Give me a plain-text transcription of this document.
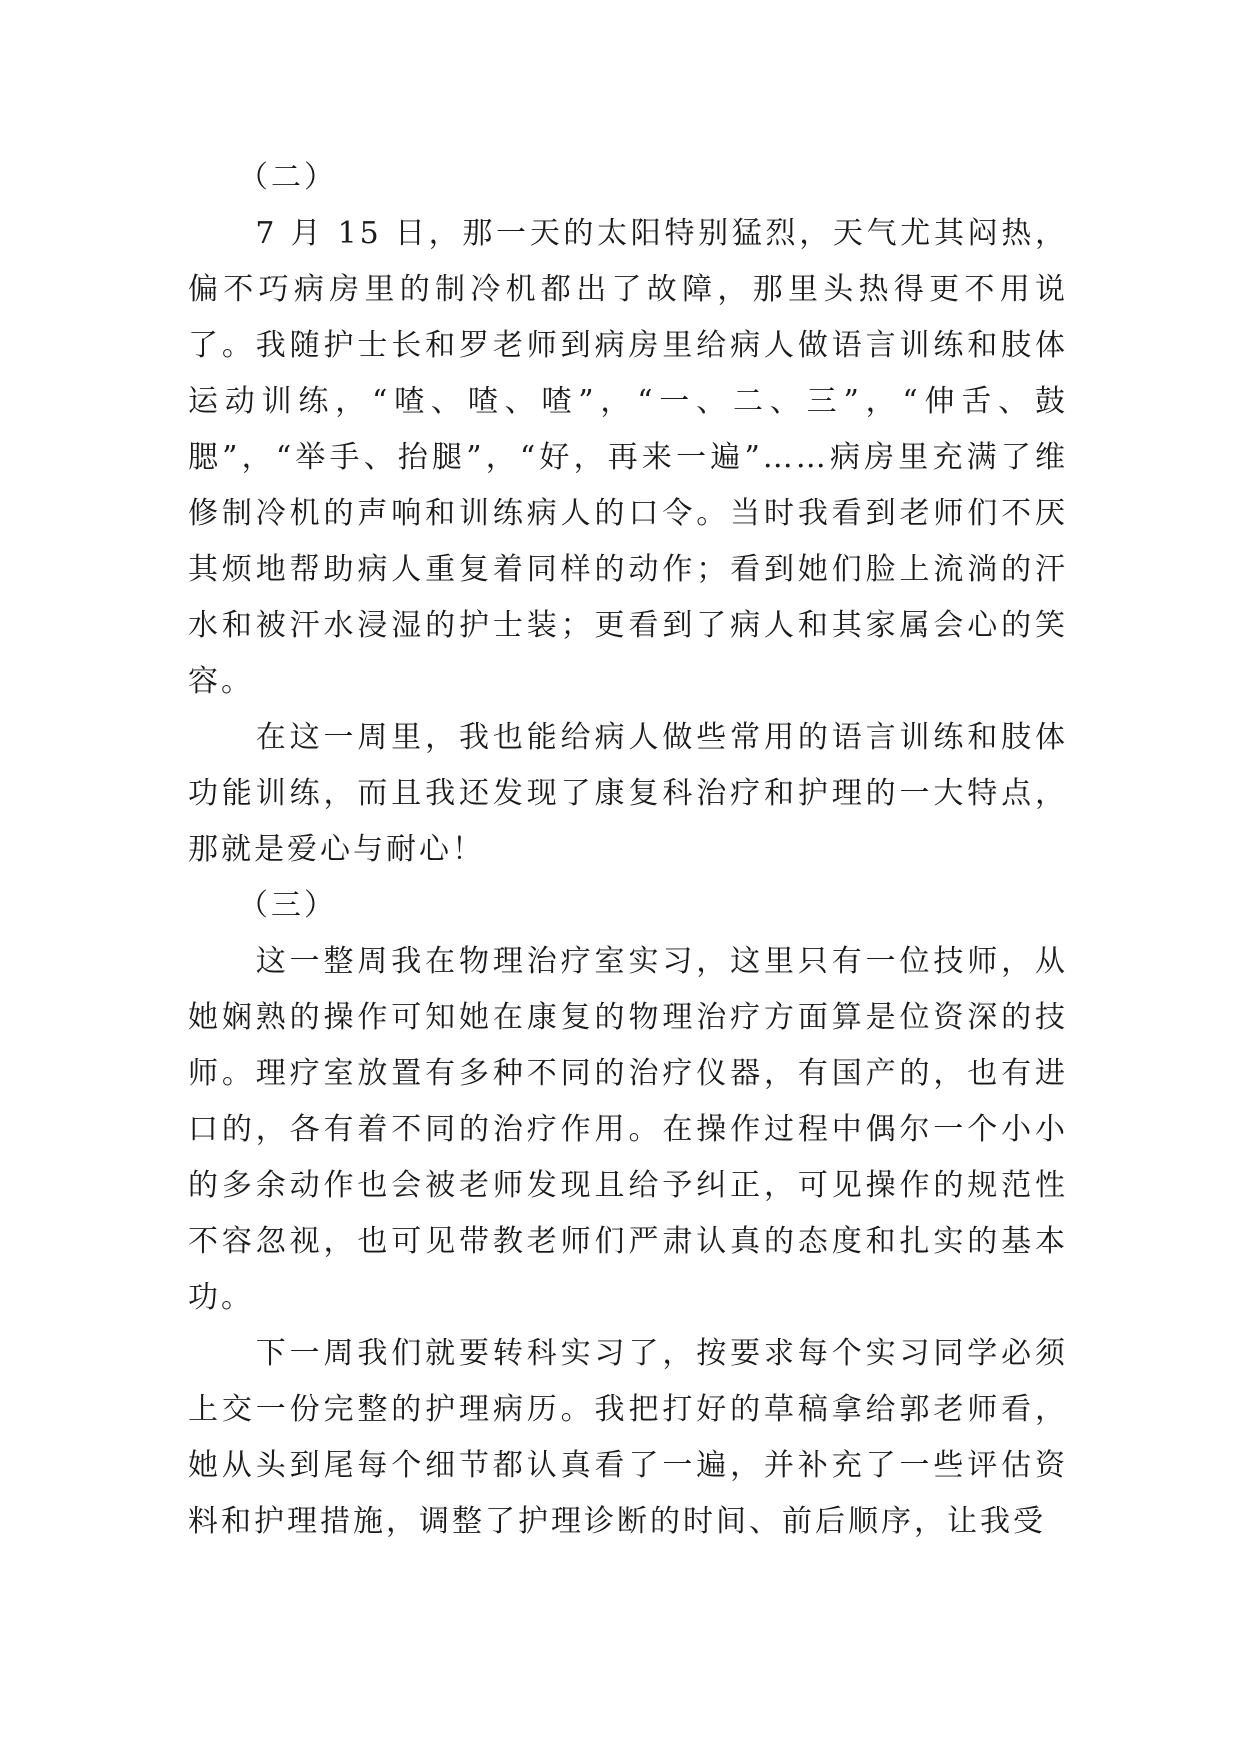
（二）

　　7 月 15 日，那一天的太阳特别猛烈，天气尤其闷热，偏不巧病房里的制冷机都出了故障，那里头热得更不用说了。我随护士长和罗老师到病房里给病人做语言训练和肢体运动训练，“喳、喳、喳”，“一、二、三”，“伸舌、鼓腮”，“举手、抬腿”，“好，再来一遍”……病房里充满了维修制冷机的声响和训练病人的口令。当时我看到老师们不厌其烦地帮助病人重复着同样的动作；看到她们脸上流淌的汗水和被汗水浸湿的护士装；更看到了病人和其家属会心的笑容。

　　在这一周里，我也能给病人做些常用的语言训练和肢体功能训练，而且我还发现了康复科治疗和护理的一大特点，那就是爱心与耐心！

（三）

　　这一整周我在物理治疗室实习，这里只有一位技师，从她娴熟的操作可知她在康复的物理治疗方面算是位资深的技师。理疗室放置有多种不同的治疗仪器，有国产的，也有进口的，各有着不同的治疗作用。在操作过程中偶尔一个小小的多余动作也会被老师发现且给予纠正，可见操作的规范性不容忽视，也可见带教老师们严肃认真的态度和扎实的基本功。

　　下一周我们就要转科实习了，按要求每个实习同学必须上交一份完整的护理病历。我把打好的草稿拿给郭老师看，她从头到尾每个细节都认真看了一遍，并补充了一些评估资料和护理措施，调整了护理诊断的时间、前后顺序，让我受
